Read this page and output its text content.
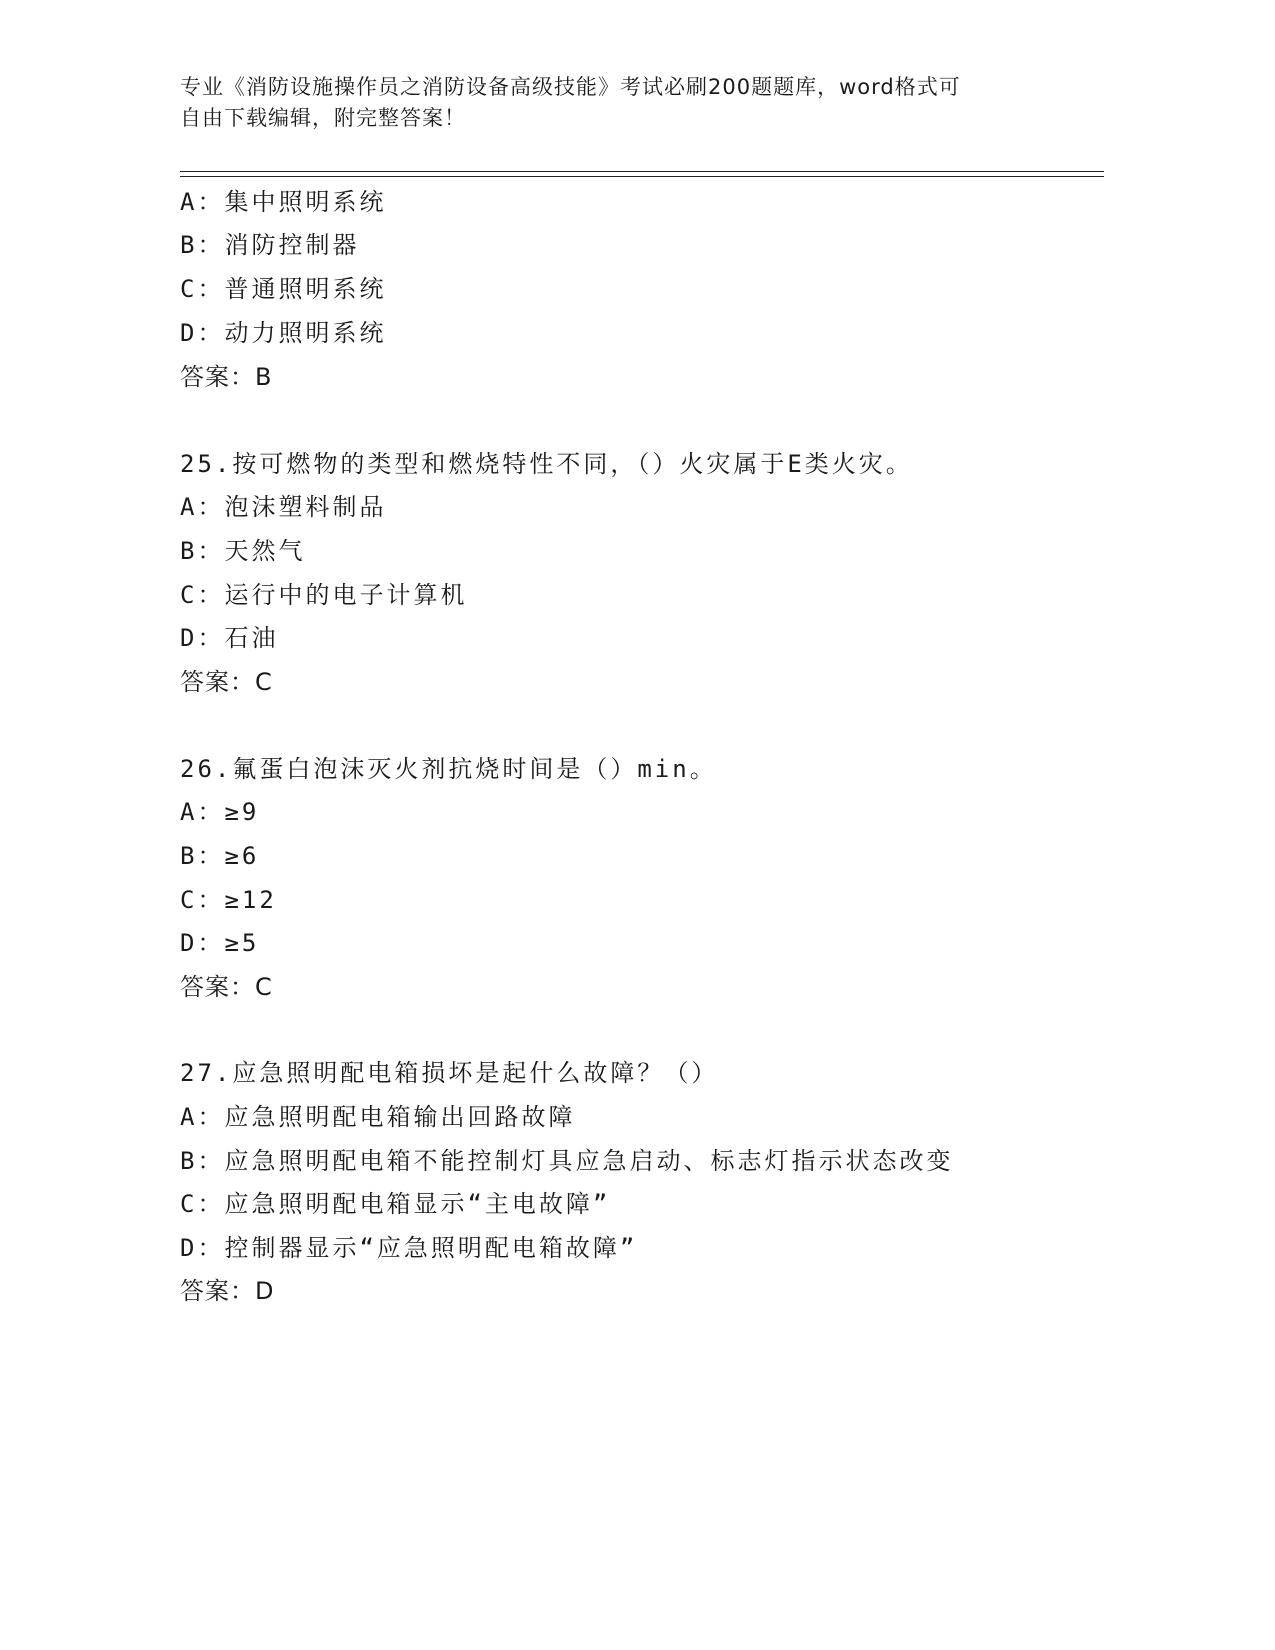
专业《消防设施操作员之消防设备高级技能》考试必刷200题题库，word格式可
自由下载编辑，附完整答案！
A：集中照明系统
B：消防控制器
C：普通照明系统
D：动力照明系统
答案：B
25.按可燃物的类型和燃烧特性不同，（）火灾属于E类火灾。
A：泡沫塑料制品
B：天然气
C：运行中的电子计算机
D：石油
答案：C
26.氟蛋白泡沫灭火剂抗烧时间是（）min。
A：≥9
B：≥6
C：≥12
D：≥5
答案：C
27.应急照明配电箱损坏是起什么故障？（）
A：应急照明配电箱输出回路故障
B：应急照明配电箱不能控制灯具应急启动、标志灯指示状态改变
C：应急照明配电箱显示“主电故障”
D：控制器显示“应急照明配电箱故障”
答案：D
